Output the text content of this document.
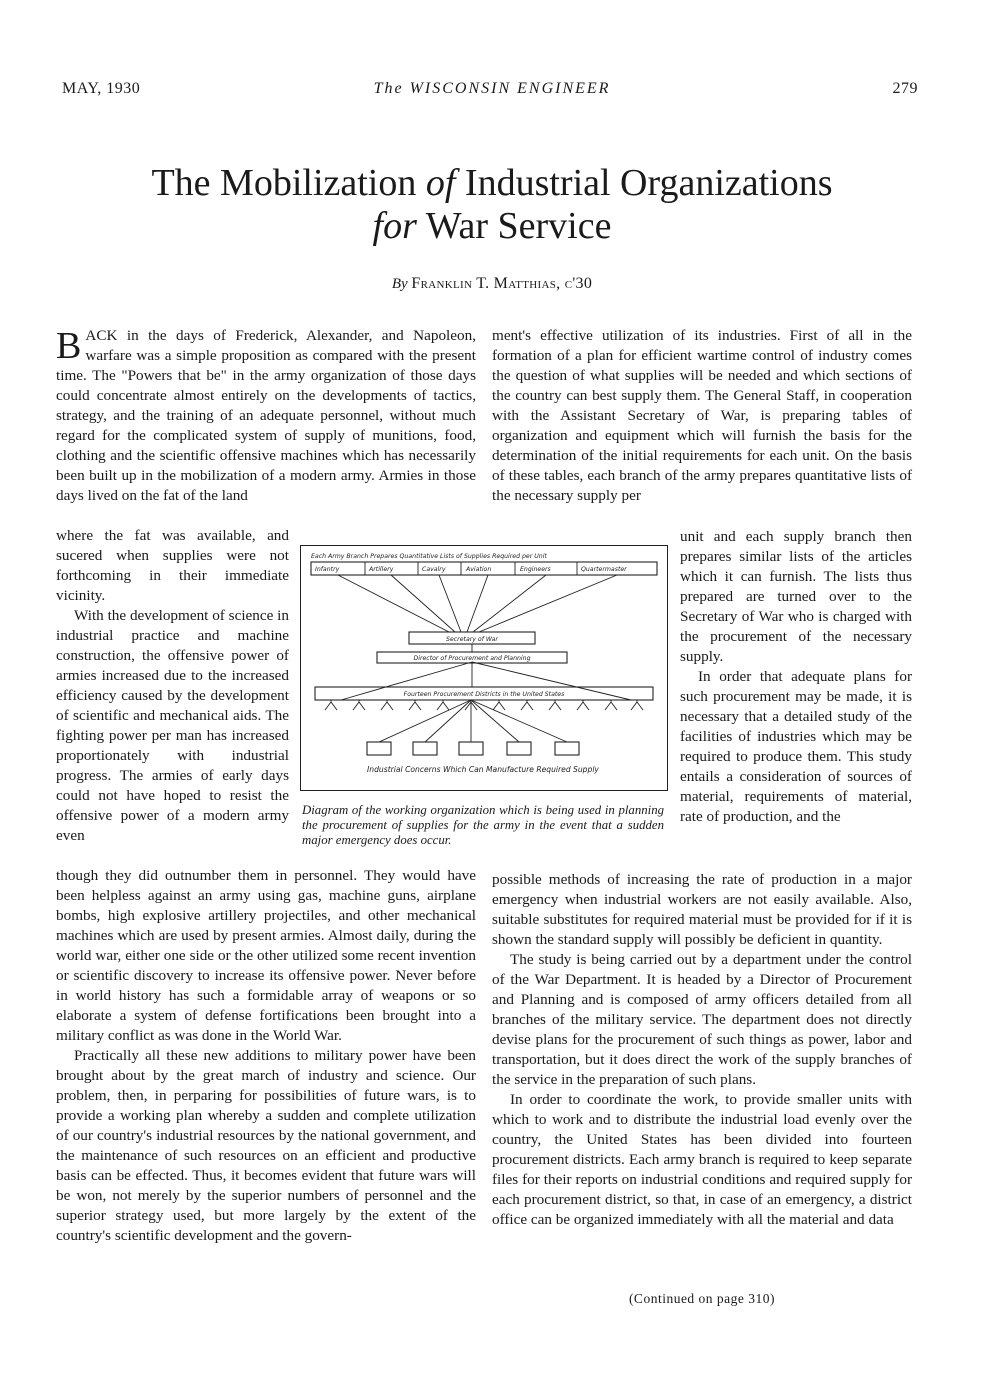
MAY, 1930	The WISCONSIN ENGINEER	279
The Mobilization of Industrial Organizations
for War Service
By Franklin T. Matthias, c'30

BACK in the days of Frederick, Alexander, and Napoleon, warfare was a simple proposition as compared with the present time. The "Powers that be" in the army organization of those days could concentrate almost entirely on the developments of tactics, strategy, and the training of an adequate personnel, without much regard for the complicated system of supply of munitions, food, clothing and the scientific offensive machines which has necessarily been built up in the mobilization of a modern army. Armies in those days lived on the fat of the land

where the fat was available, and sucered when supplies were not forthcoming in their immediate vicinity.

With the development of science in industrial practice and machine construction, the offensive power of armies increased due to the increased efficiency caused by the development of scientific and mechanical aids. The fighting power per man has increased proportionately with industrial progress. The armies of early days could not have hoped to resist the offensive power of a modern army even

though they did outnumber them in personnel. They would have been helpless against an army using gas, machine guns, airplane bombs, high explosive artillery projectiles, and other mechanical machines which are used by present armies. Almost daily, during the world war, either one side or the other utilized some recent invention or scientific discovery to increase its offensive power. Never before in world history has such a formidable array of weapons or so elaborate a system of defense fortifications been brought into a military conflict as was done in the World War.

Practically all these new additions to military power have been brought about by the great march of industry and science. Our problem, then, in perparing for possibilities of future wars, is to provide a working plan whereby a sudden and complete utilization of our country's industrial resources by the national government, and the maintenance of such resources on an efficient and productive basis can be effected. Thus, it becomes evident that future wars will be won, not merely by the superior numbers of personnel and the superior strategy used, but more largely by the extent of the country's scientific development and the govern-

ment's effective utilization of its industries. First of all in the formation of a plan for efficient wartime control of industry comes the question of what supplies will be needed and which sections of the country can best supply them. The General Staff, in cooperation with the Assistant Secretary of War, is preparing tables of organization and equipment which will furnish the basis for the determination of the initial requirements for each unit. On the basis of these tables, each branch of the army prepares quantitative lists of the necessary supply per

unit and each supply branch then prepares similar lists of the articles which it can furnish. The lists thus prepared are turned over to the Secretary of War who is charged with the procurement of the necessary supply.

In order that adequate plans for such procurement may be made, it is necessary that a detailed study of the facilities of industries which may be required to produce them. This study entails a consideration of sources of material, requirements of material, rate of production, and the

possible methods of increasing the rate of production in a major emergency when industrial workers are not easily available. Also, suitable substitutes for required material must be provided for if it is shown the standard supply will possibly be deficient in quantity.

The study is being carried out by a department under the control of the War Department. It is headed by a Director of Procurement and Planning and is composed of army officers detailed from all branches of the military service. The department does not directly devise plans for the procurement of such things as power, labor and transportation, but it does direct the work of the supply branches of the service in the preparation of such plans.

In order to coordinate the work, to provide smaller units with which to work and to distribute the industrial load evenly over the country, the United States has been divided into fourteen procurement districts. Each army branch is required to keep separate files for their reports on industrial conditions and required supply for each procurement district, so that, in case of an emergency, a district office can be organized immediately with all the material and data

(Continued on page 310)
Each Army Branch Prepares Quantitative Lists of Supplies Required per Unit
Infantry	Artillery	Cavalry	Aviation	Engineers	Quartermaster
Secretary of War
Director of Procurement and Planning
Fourteen Procurement Districts in the United States
Industrial Concerns Which Can Manufacture Required Supply
Diagram of the working organization which is being used in planning the procurement of supplies for the army in the event that a sudden major emergency does occur.
